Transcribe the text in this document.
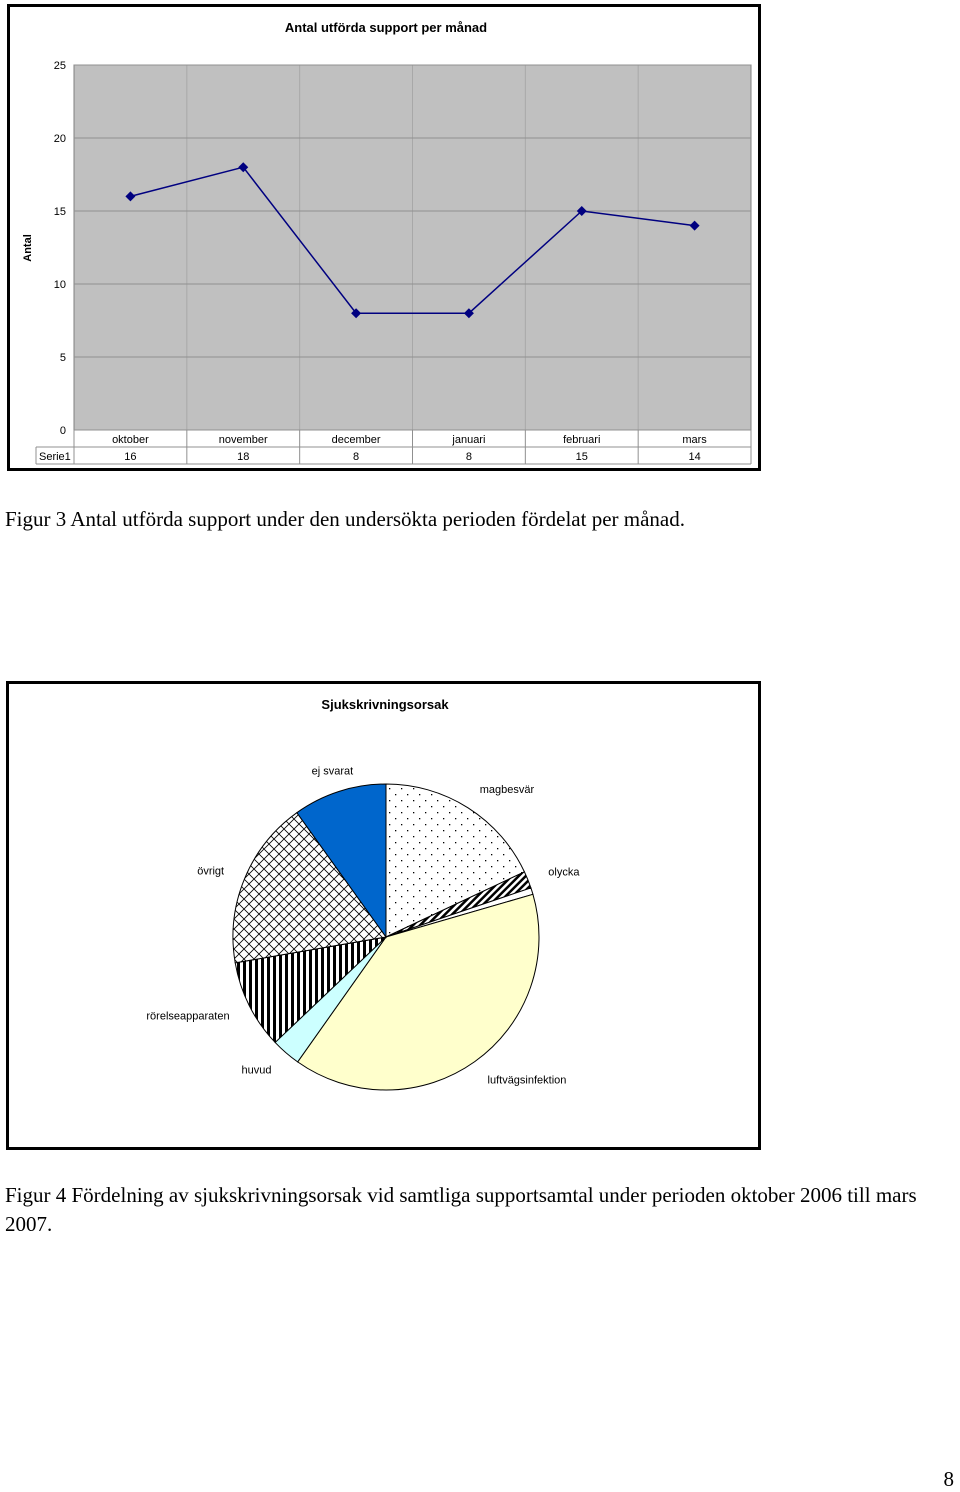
Antal utförda support per månad
Antal
0
5
10
15
20
25
oktober
16
november
18
december
8
januari
8
februari
15
mars
14
Serie1
Figur 3 Antal utförda support under den undersökta perioden fördelat per månad.
Sjukskrivningsorsak
magbesvär
olycka
luftvägsinfektion
huvud
rörelseapparaten
övrigt
ej svarat
Figur 4 Fördelning av sjukskrivningsorsak vid samtliga supportsamtal under perioden oktober 2006 till mars 2007.
8
